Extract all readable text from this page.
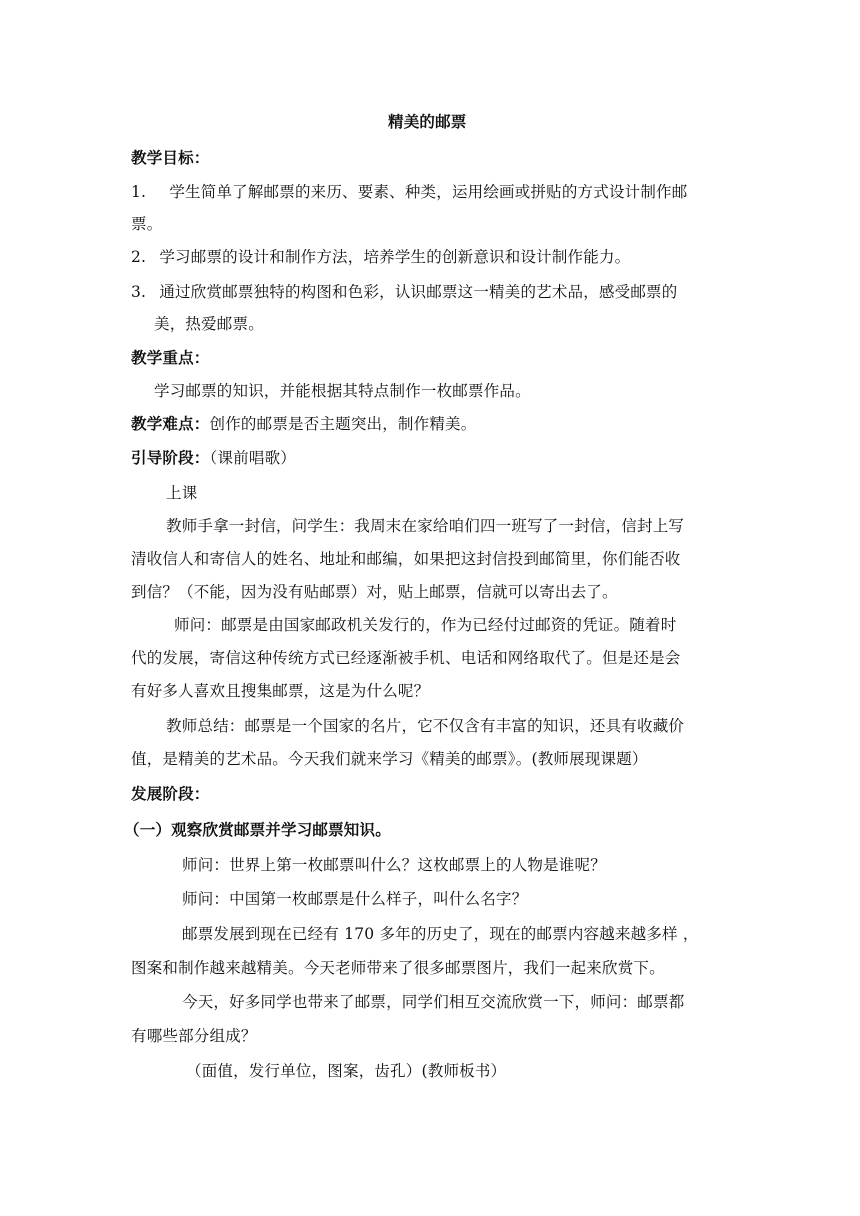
精美的邮票
教学目标：
1. 学生简单了解邮票的来历、要素、种类，运用绘画或拼贴的方式设计制作邮
票。
2. 学习邮票的设计和制作方法，培养学生的创新意识和设计制作能力。
3. 通过欣赏邮票独特的构图和色彩，认识邮票这一精美的艺术品，感受邮票的
美，热爱邮票。
教学重点：
学习邮票的知识，并能根据其特点制作一枚邮票作品。
教学难点：创作的邮票是否主题突出，制作精美。
引导阶段：（课前唱歌）
上课
教师手拿一封信，问学生：我周末在家给咱们四一班写了一封信，信封上写
清收信人和寄信人的姓名、地址和邮编，如果把这封信投到邮简里，你们能否收
到信？（不能，因为没有贴邮票）对，贴上邮票，信就可以寄出去了。
师问：邮票是由国家邮政机关发行的，作为已经付过邮资的凭证。随着时
代的发展，寄信这种传统方式已经逐渐被手机、电话和网络取代了。但是还是会
有好多人喜欢且搜集邮票，这是为什么呢？
教师总结：邮票是一个国家的名片，它不仅含有丰富的知识，还具有收藏价
值，是精美的艺术品。今天我们就来学习《精美的邮票》。(教师展现课题）
发展阶段：
（一）观察欣赏邮票并学习邮票知识。
师问：世界上第一枚邮票叫什么？这枚邮票上的人物是谁呢？
师问：中国第一枚邮票是什么样子，叫什么名字？
邮票发展到现在已经有 170 多年的历史了，现在的邮票内容越来越多样 ，
图案和制作越来越精美。今天老师带来了很多邮票图片，我们一起来欣赏下。
今天，好多同学也带来了邮票，同学们相互交流欣赏一下，师问：邮票都
有哪些部分组成？
（面值，发行单位，图案，齿孔）(教师板书）
